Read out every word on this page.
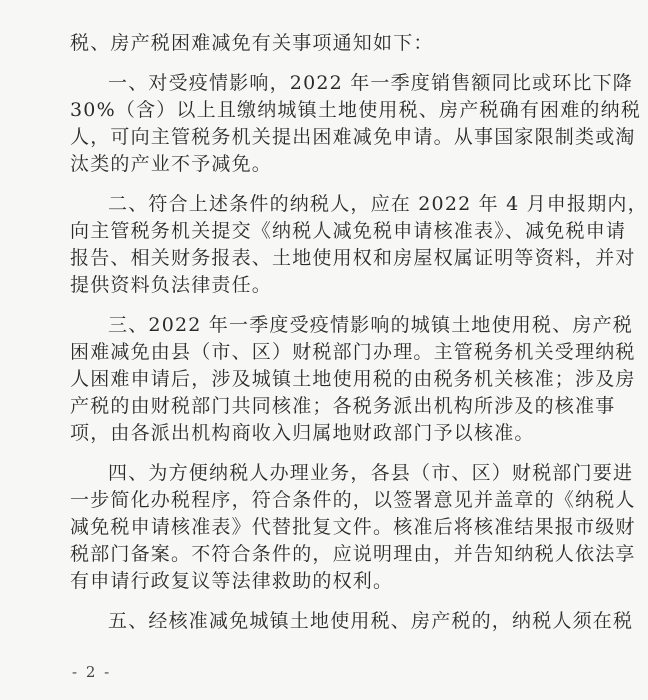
税、房产税困难减免有关事项通知如下：
一、对受疫情影响，2022 年一季度销售额同比或环比下降
30%（含）以上且缴纳城镇土地使用税、房产税确有困难的纳税
人，可向主管税务机关提出困难减免申请。从事国家限制类或淘
汰类的产业不予减免。
二、符合上述条件的纳税人，应在 2022 年 4 月申报期内，
向主管税务机关提交《纳税人减免税申请核准表》、减免税申请
报告、相关财务报表、土地使用权和房屋权属证明等资料，并对
提供资料负法律责任。
三、2022 年一季度受疫情影响的城镇土地使用税、房产税
困难减免由县（市、区）财税部门办理。主管税务机关受理纳税
人困难申请后，涉及城镇土地使用税的由税务机关核准；涉及房
产税的由财税部门共同核准；各税务派出机构所涉及的核准事
项，由各派出机构商收入归属地财政部门予以核准。
四、为方便纳税人办理业务，各县（市、区）财税部门要进
一步简化办税程序，符合条件的，以签署意见并盖章的《纳税人
减免税申请核准表》代替批复文件。核准后将核准结果报市级财
税部门备案。不符合条件的，应说明理由，并告知纳税人依法享
有申请行政复议等法律救助的权利。
五、经核准减免城镇土地使用税、房产税的，纳税人须在税
- 2 -
